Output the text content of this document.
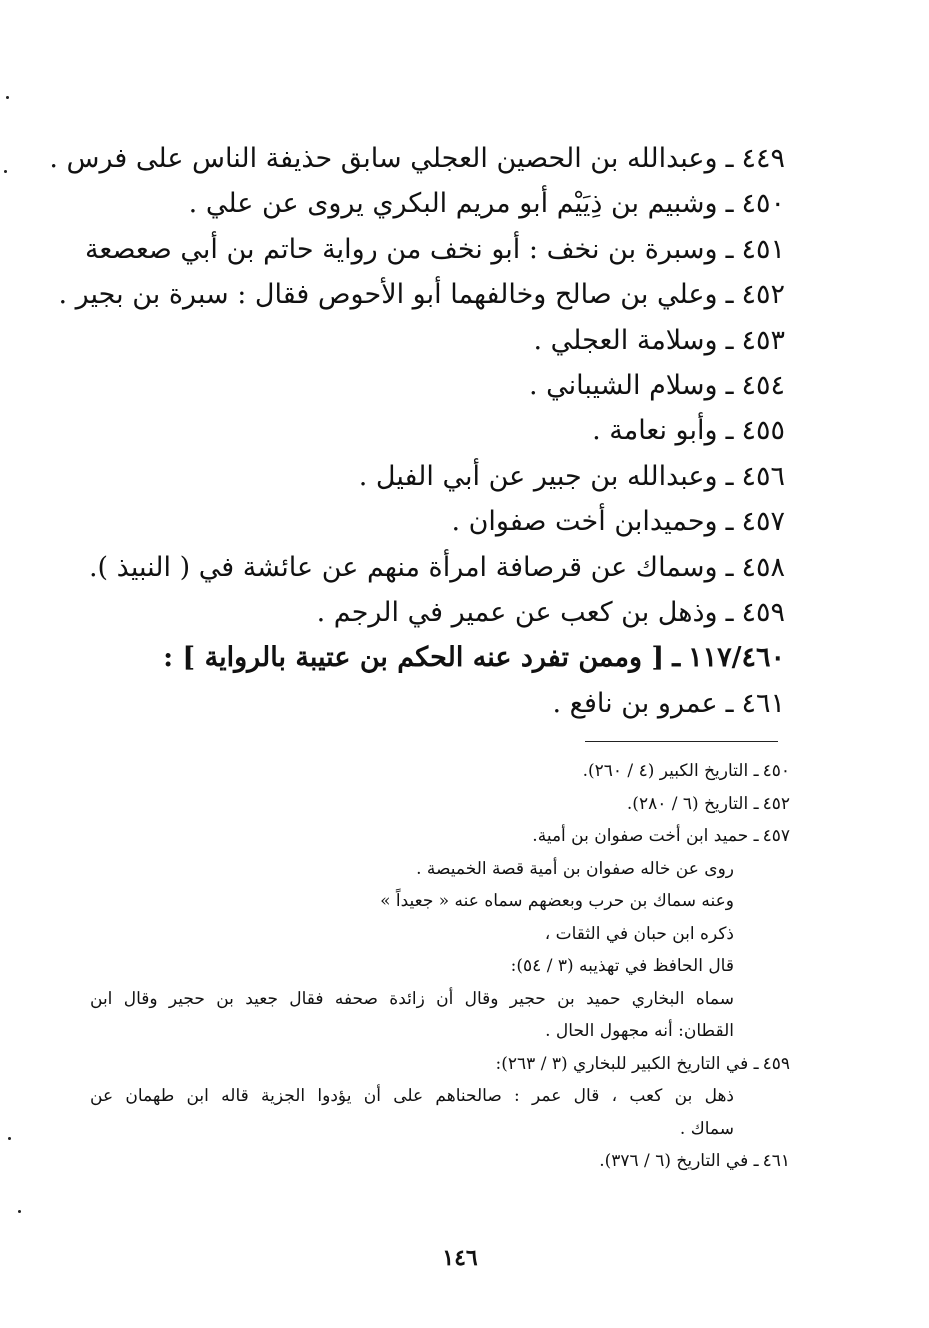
٤٤٩ـوعبدالله بن الحصين العجلي سابق حذيفة الناس على فرس .
٤٥٠ـوشبيم بن ذِيَيْم أبو مريم البكري يروى عن علي .
٤٥١ـوسبرة بن نخف : أبو نخف من رواية حاتم بن أبي صعصعة
٤٥٢ـوعلي بن صالح وخالفهما أبو الأحوص فقال : سبرة بن بجير .
٤٥٣ـوسلامة العجلي .
٤٥٤ـوسلام الشيباني .
٤٥٥ـوأبو نعامة .
٤٥٦ـوعبدالله بن جبير عن أبي الفيل .
٤٥٧ـوحميدابن أخت صفوان .
٤٥٨ـوسماك عن قرصافة امرأة منهم عن عائشة في ( النبيذ ).
٤٥٩ـوذهل بن كعب عن عمير في الرجم .
١١٧/٤٦٠ـ[ وممن تفرد عنه الحكم بن عتيبة بالرواية ] :
٤٦١ـعمرو بن نافع .
٤٥٠ـ التاريخ الكبير (٤ / ٢٦٠).
٤٥٢ـ التاريخ (٦ / ٢٨٠).
٤٥٧ـ حميد ابن أخت صفوان بن أمية.
روى عن خاله صفوان بن أمية قصة الخميصة .
وعنه سماك بن حرب وبعضهم سماه عنه « جعيداً »
ذكره ابن حبان في الثقات ،
قال الحافظ في تهذيبه (٣ / ٥٤):
سماه البخاري حميد بن حجير وقال أن زائدة صحفه فقال جعيد بن حجير وقال ابن
القطان: أنه مجهول الحال .
٤٥٩ـ في التاريخ الكبير للبخاري (٣ / ٢٦٣):
ذهل بن كعب ، قال عمر : صالحناهم على أن يؤدوا الجزية قاله ابن طهمان عن
سماك .
٤٦١ـ في التاريخ (٦ / ٣٧٦).
١٤٦
